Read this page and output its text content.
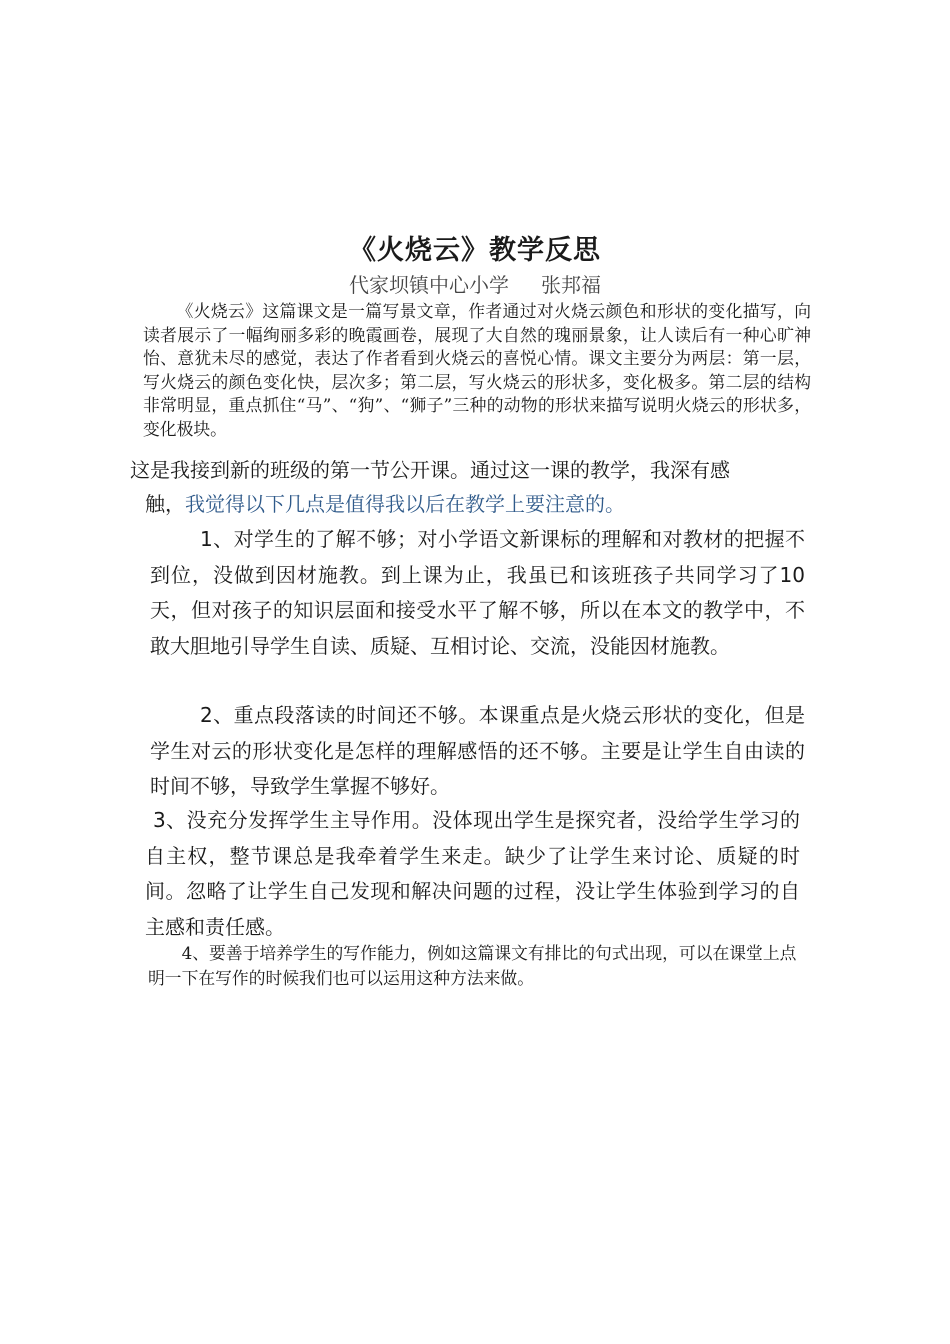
《火烧云》教学反思
代家坝镇中心小学 张邦福

《火烧云》这篇课文是一篇写景文章，作者通过对火烧云颜色和形状的变化描写，向读者展示了一幅绚丽多彩的晚霞画卷，展现了大自然的瑰丽景象，让人读后有一种心旷神怡、意犹未尽的感觉，表达了作者看到火烧云的喜悦心情。课文主要分为两层：第一层，写火烧云的颜色变化快，层次多；第二层，写火烧云的形状多，变化极多。第二层的结构非常明显，重点抓住“马”、“狗”、“狮子”三种的动物的形状来描写说明火烧云的形状多，变化极块。

这是我接到新的班级的第一节公开课。通过这一课的教学，我深有感
触，我觉得以下几点是值得我以后在教学上要注意的。

1、对学生的了解不够；对小学语文新课标的理解和对教材的把握不到位，没做到因材施教。到上课为止，我虽已和该班孩子共同学习了10天，但对孩子的知识层面和接受水平了解不够，所以在本文的教学中，不敢大胆地引导学生自读、质疑、互相讨论、交流，没能因材施教。

2、重点段落读的时间还不够。本课重点是火烧云形状的变化，但是学生对云的形状变化是怎样的理解感悟的还不够。主要是让学生自由读的时间不够，导致学生掌握不够好。

3、没充分发挥学生主导作用。没体现出学生是探究者，没给学生学习的自主权，整节课总是我牵着学生来走。缺少了让学生来讨论、质疑的时间。忽略了让学生自己发现和解决问题的过程，没让学生体验到学习的自主感和责任感。

4、要善于培养学生的写作能力，例如这篇课文有排比的句式出现，可以在课堂上点明一下在写作的时候我们也可以运用这种方法来做。
